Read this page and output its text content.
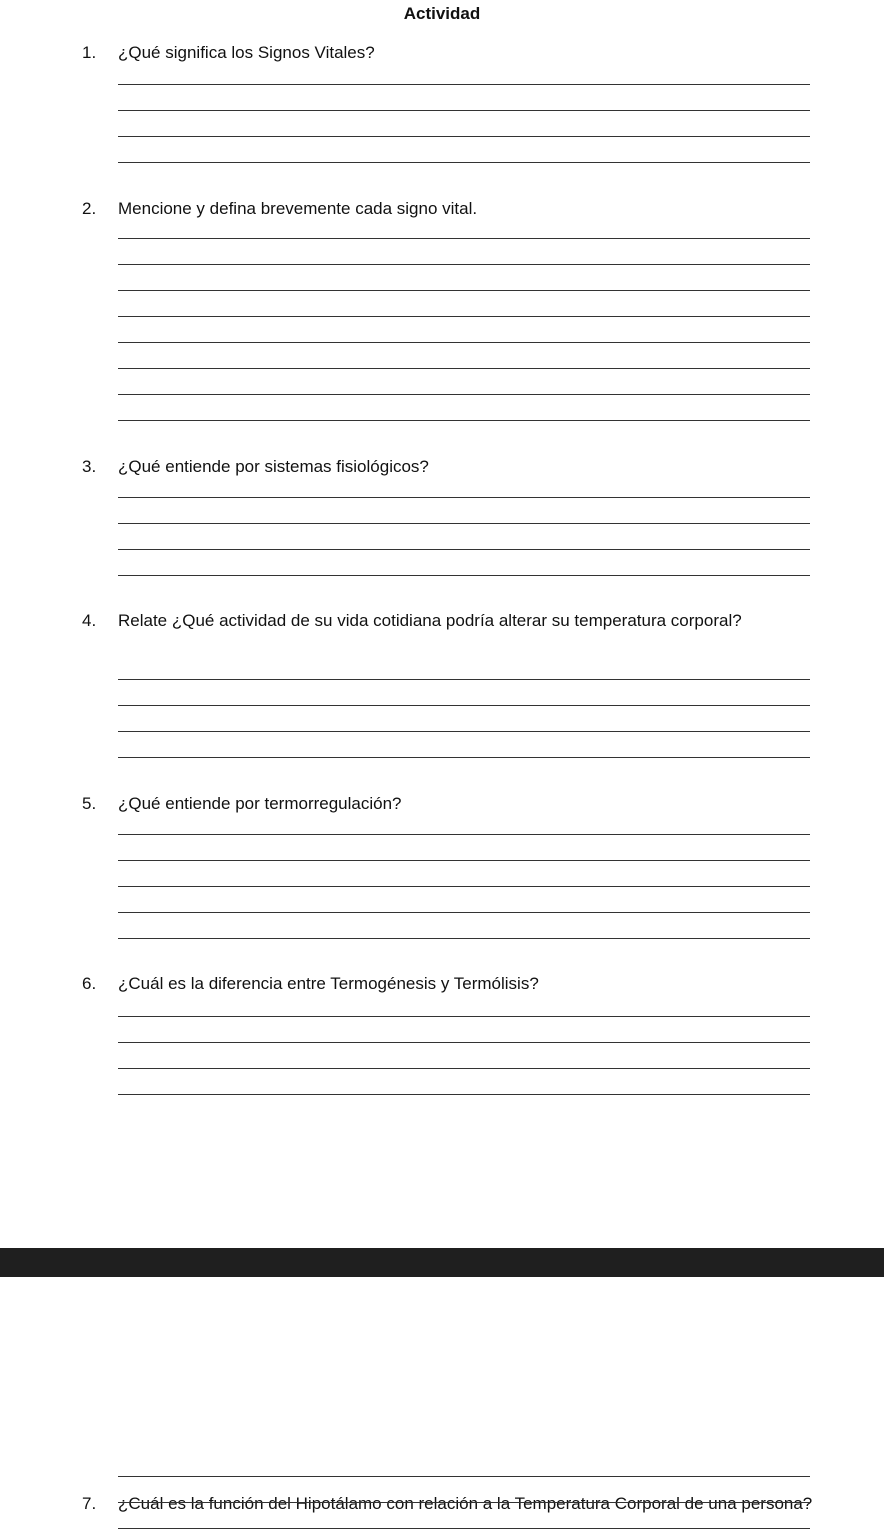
Actividad
1.	¿Qué significa los Signos Vitales?
2.	Mencione y defina brevemente cada signo vital.
3.	¿Qué entiende por sistemas fisiológicos?
4.	Relate ¿Qué actividad de su vida cotidiana podría alterar su temperatura corporal?
5.	¿Qué entiende por termorregulación?
6.	¿Cuál es la diferencia entre Termogénesis y Termólisis?
7.	¿Cuál es la función del Hipotálamo con relación a la Temperatura Corporal de una persona?
